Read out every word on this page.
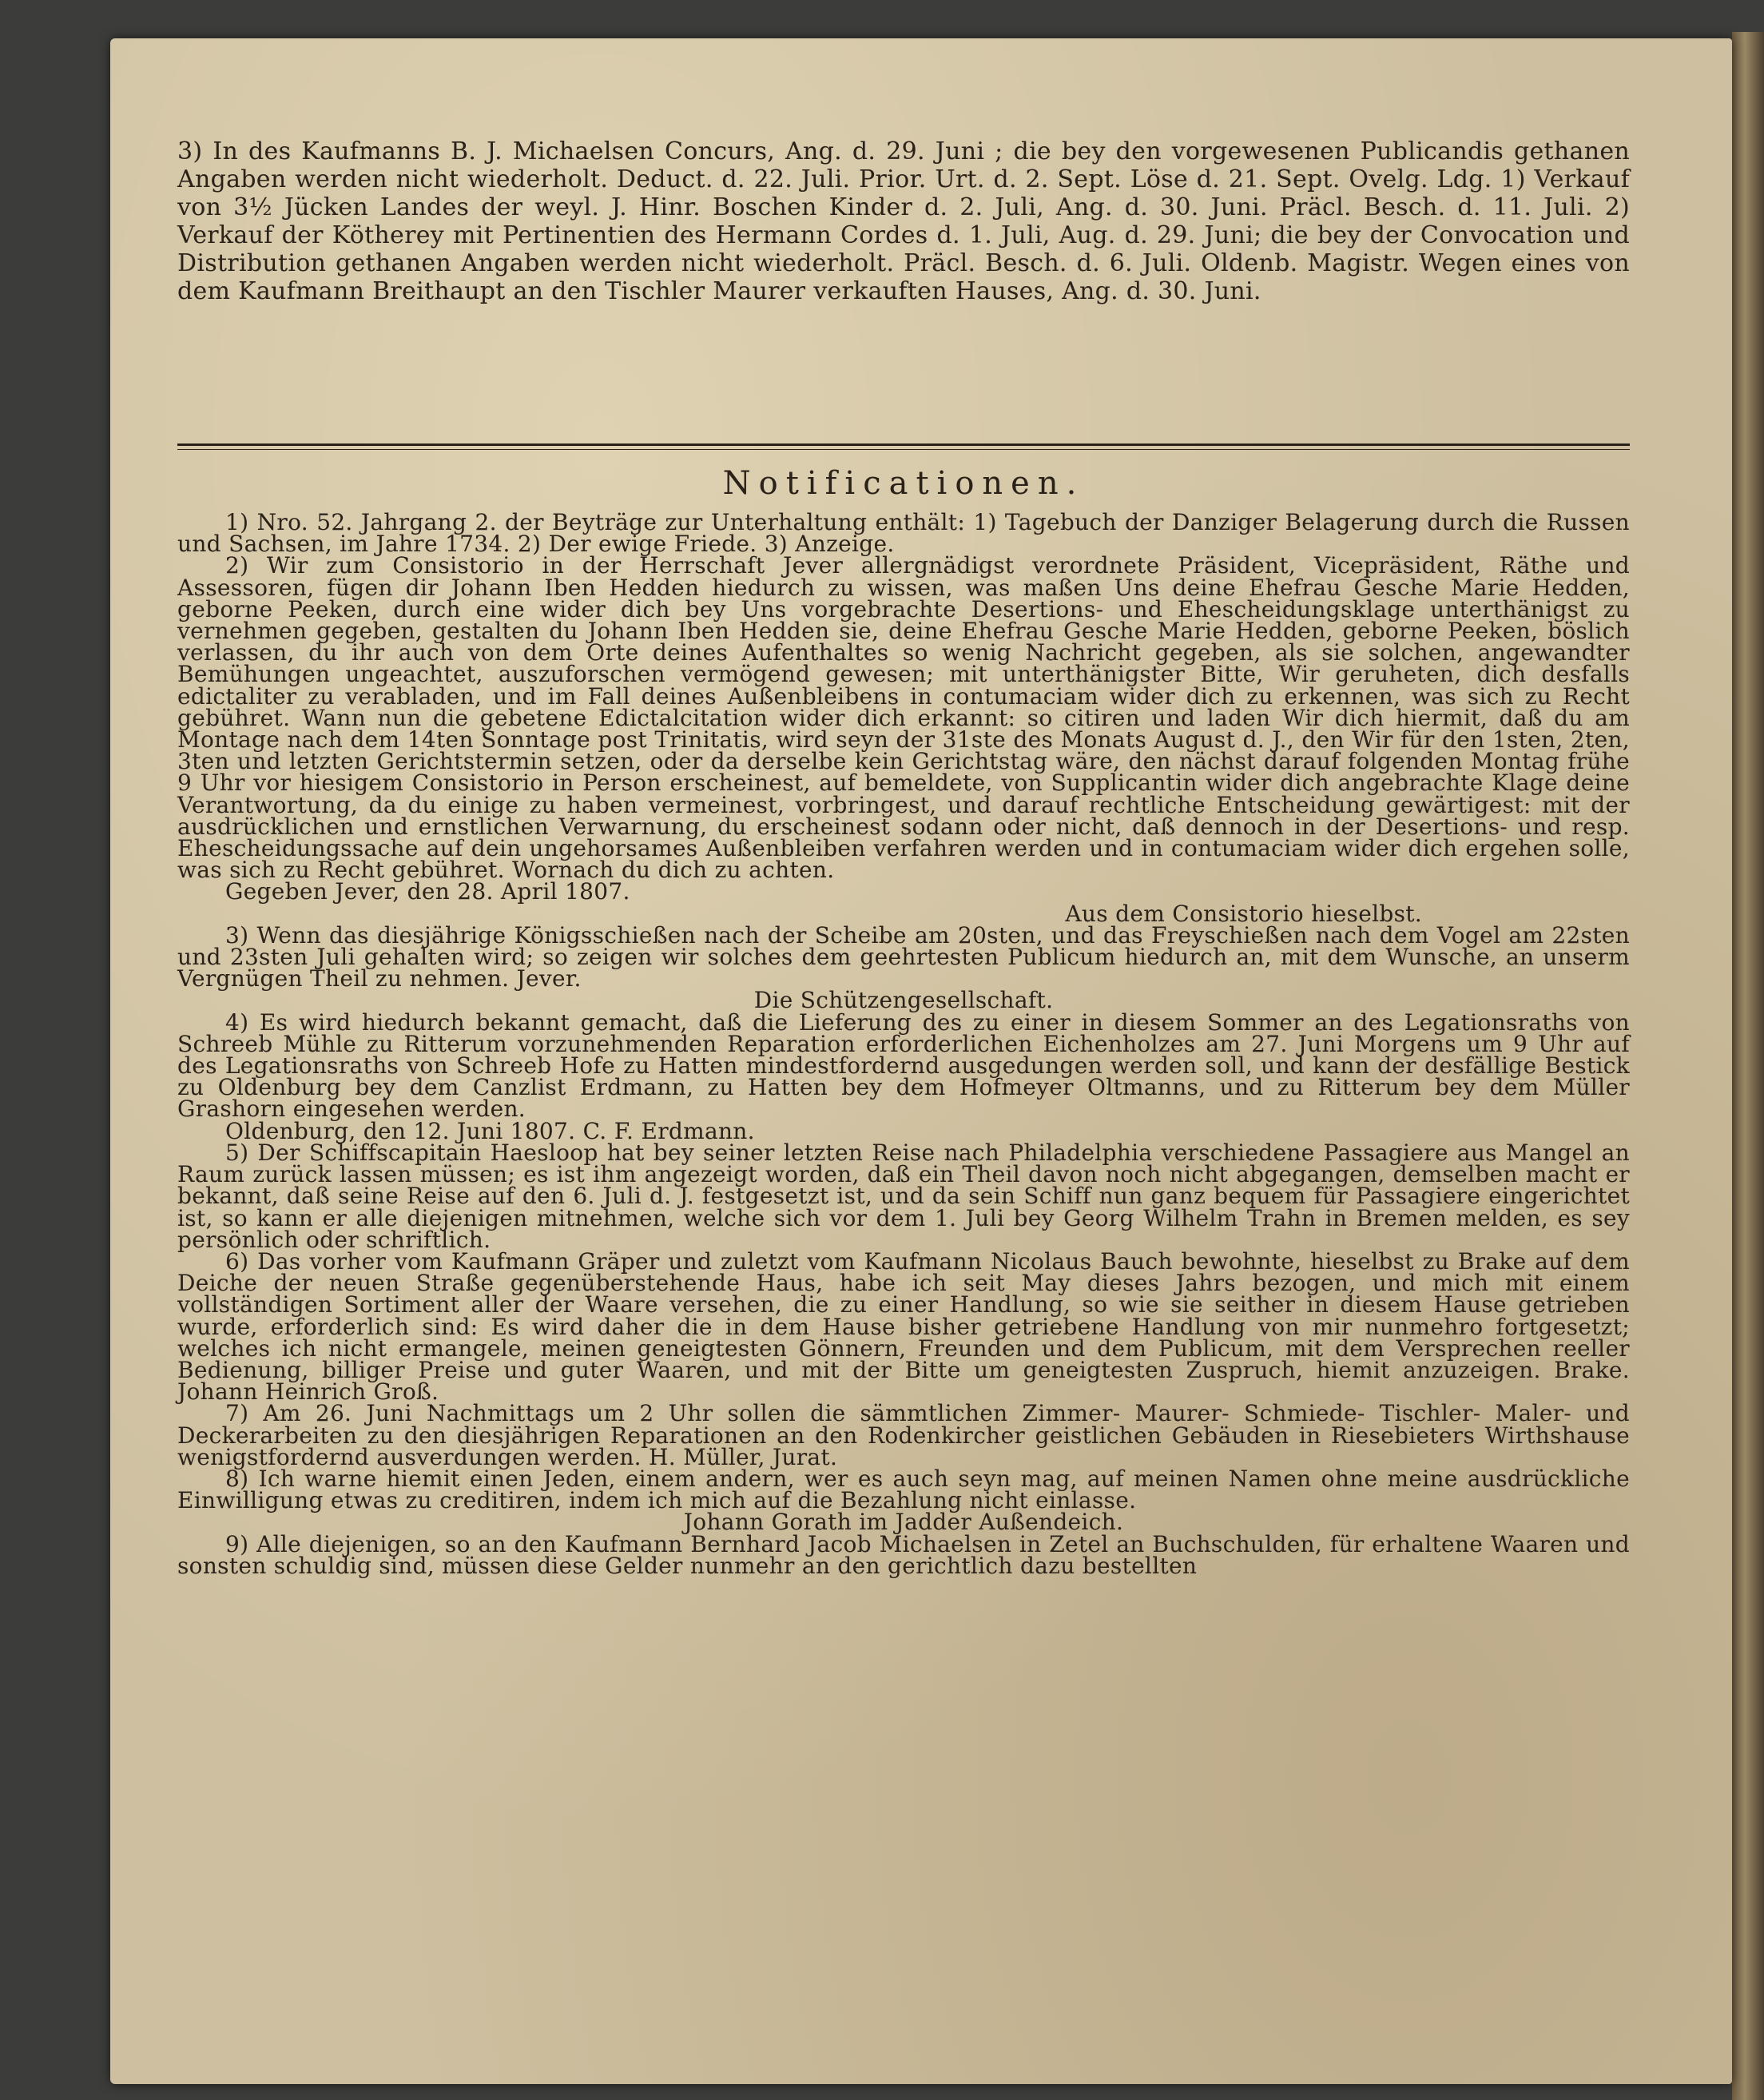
3) In des Kaufmanns B. J. Michaelsen Concurs, Ang. d. 29. Juni ; die bey den vorgewesenen Publicandis gethanen Angaben werden nicht wiederholt. Deduct. d. 22. Juli. Prior. Urt. d. 2. Sept. Löse d. 21. Sept. Ovelg. Ldg. 1) Verkauf von 3½ Jücken Landes der weyl. J. Hinr. Boschen Kinder d. 2. Juli, Ang. d. 30. Juni. Präcl. Besch. d. 11. Juli. 2) Verkauf der Kötherey mit Pertinentien des Hermann Cordes d. 1. Juli, Aug. d. 29. Juni; die bey der Convocation und Distribution gethanen Angaben werden nicht wiederholt. Präcl. Besch. d. 6. Juli. Oldenb. Magistr. Wegen eines von dem Kaufmann Breithaupt an den Tischler Maurer verkauften Hauses, Ang. d. 30. Juni.

Notificationen.

1) Nro. 52. Jahrgang 2. der Beyträge zur Unterhaltung enthält: 1) Tagebuch der Danziger Belagerung durch die Russen und Sachsen, im Jahre 1734. 2) Der ewige Friede. 3) Anzeige.

2) Wir zum Consistorio in der Herrschaft Jever allergnädigst verordnete Präsident, Vicepräsident, Räthe und Assessoren, fügen dir Johann Iben Hedden hiedurch zu wissen, was maßen Uns deine Ehefrau Gesche Marie Hedden, geborne Peeken, durch eine wider dich bey Uns vorgebrachte Desertions- und Ehescheidungsklage unterthänigst zu vernehmen gegeben, gestalten du Johann Iben Hedden sie, deine Ehefrau Gesche Marie Hedden, geborne Peeken, böslich verlassen, du ihr auch von dem Orte deines Aufenthaltes so wenig Nachricht gegeben, als sie solchen, angewandter Bemühungen ungeachtet, auszuforschen vermögend gewesen; mit unterthänigster Bitte, Wir geruheten, dich desfalls edictaliter zu verabladen, und im Fall deines Außenbleibens in contumaciam wider dich zu erkennen, was sich zu Recht gebühret. Wann nun die gebetene Edictalcitation wider dich erkannt: so citiren und laden Wir dich hiermit, daß du am Montage nach dem 14ten Sonntage post Trinitatis, wird seyn der 31ste des Monats August d. J., den Wir für den 1sten, 2ten, 3ten und letzten Gerichtstermin setzen, oder da derselbe kein Gerichtstag wäre, den nächst darauf folgenden Montag frühe 9 Uhr vor hiesigem Consistorio in Person erscheinest, auf bemeldete, von Supplicantin wider dich angebrachte Klage deine Verantwortung, da du einige zu haben vermeinest, vorbringest, und darauf rechtliche Entscheidung gewärtigest: mit der ausdrücklichen und ernstlichen Verwarnung, du erscheinest sodann oder nicht, daß dennoch in der Desertions- und resp. Ehescheidungssache auf dein ungehorsames Außenbleiben verfahren werden und in contumaciam wider dich ergehen solle, was sich zu Recht gebühret. Wornach du dich zu achten.

Gegeben Jever, den 28. April 1807.

Aus dem Consistorio hieselbst.

3) Wenn das diesjährige Königsschießen nach der Scheibe am 20sten, und das Freyschießen nach dem Vogel am 22sten und 23sten Juli gehalten wird; so zeigen wir solches dem geehrtesten Publicum hiedurch an, mit dem Wunsche, an unserm Vergnügen Theil zu nehmen. Jever.

Die Schützengesellschaft.

4) Es wird hiedurch bekannt gemacht, daß die Lieferung des zu einer in diesem Sommer an des Legationsraths von Schreeb Mühle zu Ritterum vorzunehmenden Reparation erforderlichen Eichenholzes am 27. Juni Morgens um 9 Uhr auf des Legationsraths von Schreeb Hofe zu Hatten mindestfordernd ausgedungen werden soll, und kann der desfällige Bestick zu Oldenburg bey dem Canzlist Erdmann, zu Hatten bey dem Hofmeyer Oltmanns, und zu Ritterum bey dem Müller Grashorn eingesehen werden.

Oldenburg, den 12. Juni 1807. C. F. Erdmann.

5) Der Schiffscapitain Haesloop hat bey seiner letzten Reise nach Philadelphia verschiedene Passagiere aus Mangel an Raum zurück lassen müssen; es ist ihm angezeigt worden, daß ein Theil davon noch nicht abgegangen, demselben macht er bekannt, daß seine Reise auf den 6. Juli d. J. festgesetzt ist, und da sein Schiff nun ganz bequem für Passagiere eingerichtet ist, so kann er alle diejenigen mitnehmen, welche sich vor dem 1. Juli bey Georg Wilhelm Trahn in Bremen melden, es sey persönlich oder schriftlich.

6) Das vorher vom Kaufmann Gräper und zuletzt vom Kaufmann Nicolaus Bauch bewohnte, hieselbst zu Brake auf dem Deiche der neuen Straße gegenüberstehende Haus, habe ich seit May dieses Jahrs bezogen, und mich mit einem vollständigen Sortiment aller der Waare versehen, die zu einer Handlung, so wie sie seither in diesem Hause getrieben wurde, erforderlich sind: Es wird daher die in dem Hause bisher getriebene Handlung von mir nunmehro fortgesetzt; welches ich nicht ermangele, meinen geneigtesten Gönnern, Freunden und dem Publicum, mit dem Versprechen reeller Bedienung, billiger Preise und guter Waaren, und mit der Bitte um geneigtesten Zuspruch, hiemit anzuzeigen. Brake. Johann Heinrich Groß.

7) Am 26. Juni Nachmittags um 2 Uhr sollen die sämmtlichen Zimmer- Maurer- Schmiede- Tischler- Maler- und Deckerarbeiten zu den diesjährigen Reparationen an den Rodenkircher geistlichen Gebäuden in Riesebieters Wirthshause wenigstfordernd ausverdungen werden. H. Müller, Jurat.

8) Ich warne hiemit einen Jeden, einem andern, wer es auch seyn mag, auf meinen Namen ohne meine ausdrückliche Einwilligung etwas zu creditiren, indem ich mich auf die Bezahlung nicht einlasse.

Johann Gorath im Jadder Außendeich.

9) Alle diejenigen, so an den Kaufmann Bernhard Jacob Michaelsen in Zetel an Buchschulden, für erhaltene Waaren und sonsten schuldig sind, müssen diese Gelder nunmehr an den gerichtlich dazu bestellten
